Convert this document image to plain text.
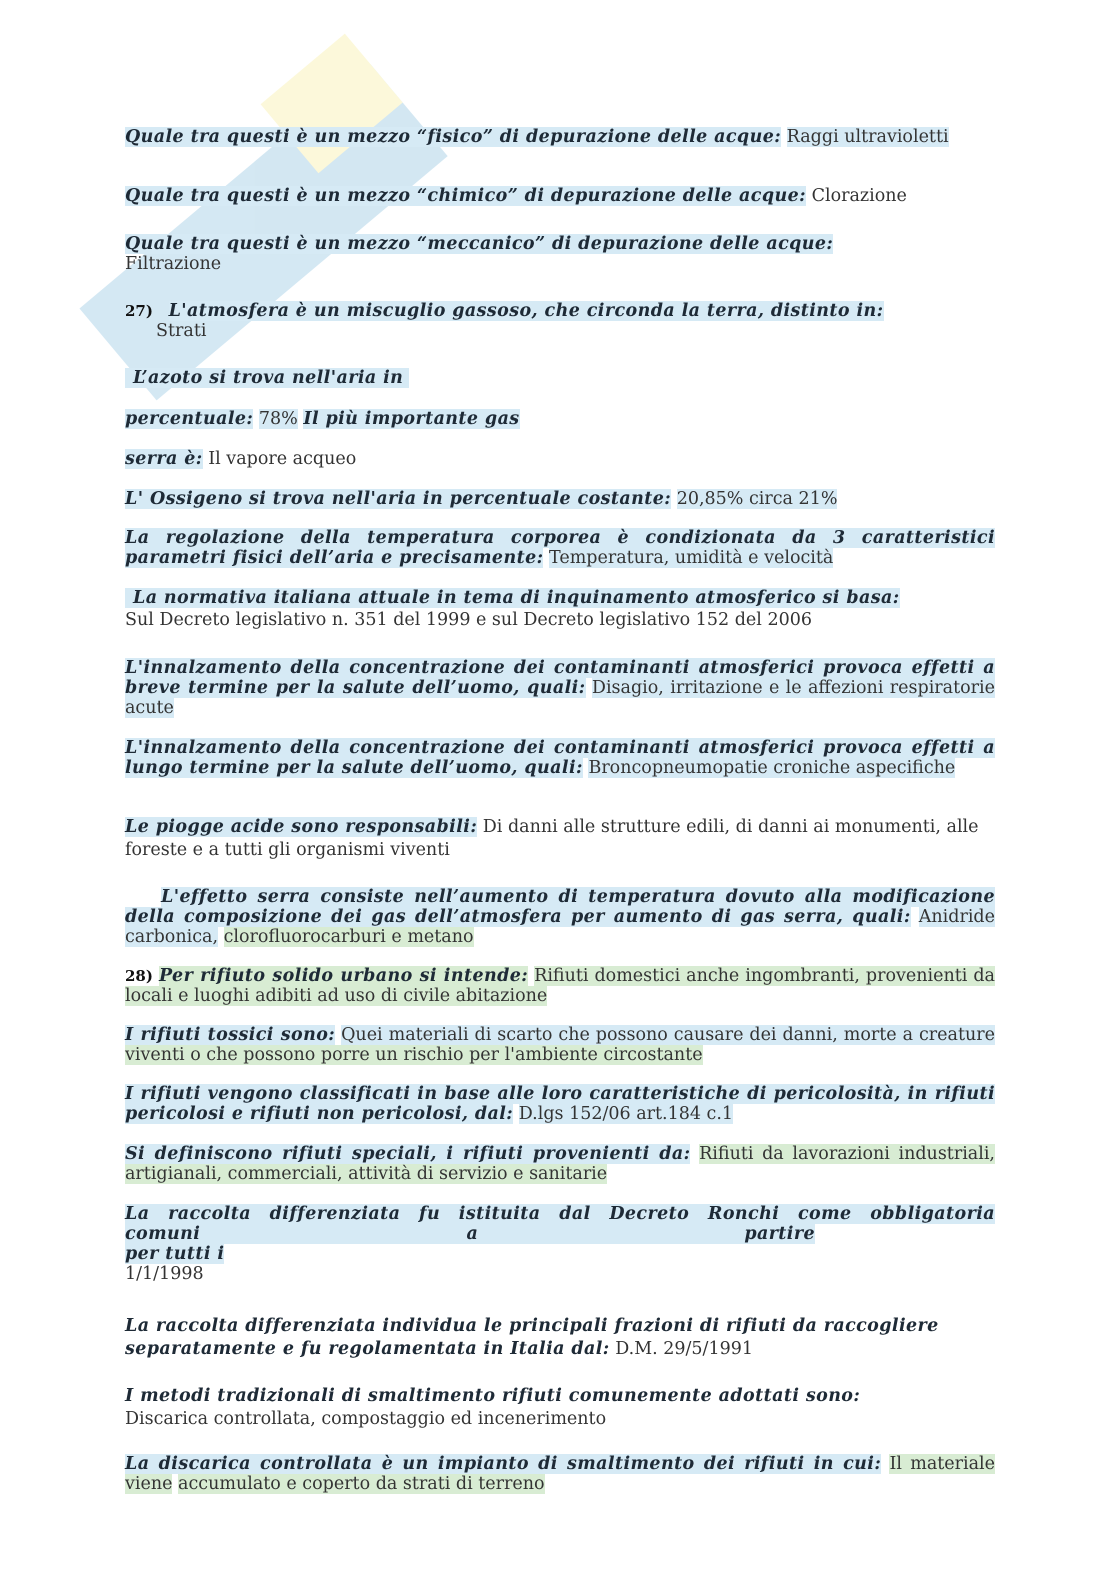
Quale tra questi è un mezzo “fisico” di depurazione delle acque: Raggi ultravioletti
Quale tra questi è un mezzo “chimico” di depurazione delle acque: Clorazione
Quale tra questi è un mezzo “meccanico” di depurazione delle acque:
Filtrazione
27) L'atmosfera è un miscuglio gassoso, che circonda la terra, distinto in:
Strati
L’azoto si trova nell'aria in
percentuale: 78% Il più importante gas
serra è: Il vapore acqueo
L' Ossigeno si trova nell'aria in percentuale costante: 20,85% circa 21%
La regolazione della temperatura corporea è condizionata da 3 caratteristici parametri fisici dell’aria e precisamente: Temperatura, umidità e velocità
La normativa italiana attuale in tema di inquinamento atmosferico si basa:
Sul Decreto legislativo n. 351 del 1999 e sul Decreto legislativo 152 del 2006
L'innalzamento della concentrazione dei contaminanti atmosferici provoca effetti a breve termine per la salute dell’uomo, quali: Disagio, irritazione e le affezioni respiratorie acute
L'innalzamento della concentrazione dei contaminanti atmosferici provoca effetti a lungo termine per la salute dell’uomo, quali: Broncopneumopatie croniche aspecifiche
Le piogge acide sono responsabili: Di danni alle strutture edili, di danni ai monumenti, alle foreste e a tutti gli organismi viventi
L'effetto serra consiste nell’aumento di temperatura dovuto alla modificazione della composizione dei gas dell’atmosfera per aumento di gas serra, quali: Anidride carbonica, clorofluorocarburi e metano
28) Per rifiuto solido urbano si intende: Rifiuti domestici anche ingombranti, provenienti da locali e luoghi adibiti ad uso di civile abitazione
I rifiuti tossici sono: Quei materiali di scarto che possono causare dei danni, morte a creature viventi o che possono porre un rischio per l'ambiente circostante
I rifiuti vengono classificati in base alle loro caratteristiche di pericolosità, in rifiuti pericolosi e rifiuti non pericolosi, dal: D.lgs 152/06 art.184 c.1
Si definiscono rifiuti speciali, i rifiuti provenienti da: Rifiuti da lavorazioni industriali, artigianali, commerciali, attività di servizio e sanitarie
La raccolta differenziata fu istituita dal Decreto Ronchi come obbligatoria
comuni a partire
per tutti i
1/1/1998
La raccolta differenziata individua le principali frazioni di rifiuti da raccogliere separatamente e fu regolamentata in Italia dal: D.M. 29/5/1991
I metodi tradizionali di smaltimento rifiuti comunemente adottati sono:
Discarica controllata, compostaggio ed incenerimento
La discarica controllata è un impianto di smaltimento dei rifiuti in cui: Il materiale viene accumulato e coperto da strati di terreno
